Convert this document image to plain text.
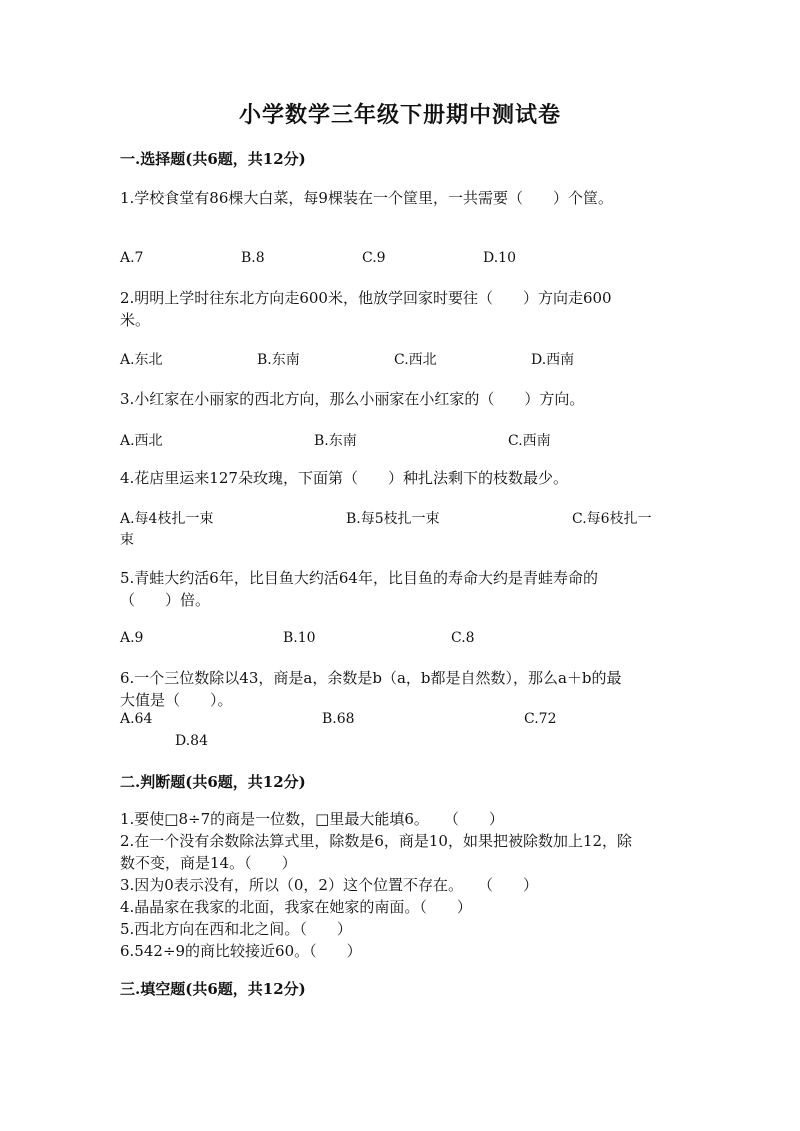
小学数学三年级下册期中测试卷
一.选择题(共6题，共12分)
1.学校食堂有86棵大白菜，每9棵装在一个筐里，一共需要（　　）个筐。
A.7	B.8	C.9	D.10
2.明明上学时往东北方向走600米，他放学回家时要往（　　）方向走600
米。
A.东北	B.东南	C.西北	D.西南
3.小红家在小丽家的西北方向，那么小丽家在小红家的（　　）方向。
A.西北	B.东南	C.西南
4.花店里运来127朵玫瑰，下面第（　　）种扎法剩下的枝数最少。
A.每4枝扎一束	B.每5枝扎一束	C.每6枝扎一
束
5.青蛙大约活6年，比目鱼大约活64年，比目鱼的寿命大约是青蛙寿命的
（　　）倍。
A.9	B.10	C.8
6.一个三位数除以43，商是a，余数是b（a，b都是自然数），那么a＋b的最
大值是（　　）。
A.64	B.68	C.72
D.84
二.判断题(共6题，共12分)
1.要使□8÷7的商是一位数，□里最大能填6。　　（　　）
2.在一个没有余数除法算式里，除数是6，商是10，如果把被除数加上12，除
数不变，商是14。（　　）
3.因为0表示没有，所以（0，2）这个位置不存在。　　（　　）
4.晶晶家在我家的北面，我家在她家的南面。（　　）
5.西北方向在西和北之间。（　　）
6.542÷9的商比较接近60。（　　）
三.填空题(共6题，共12分)
